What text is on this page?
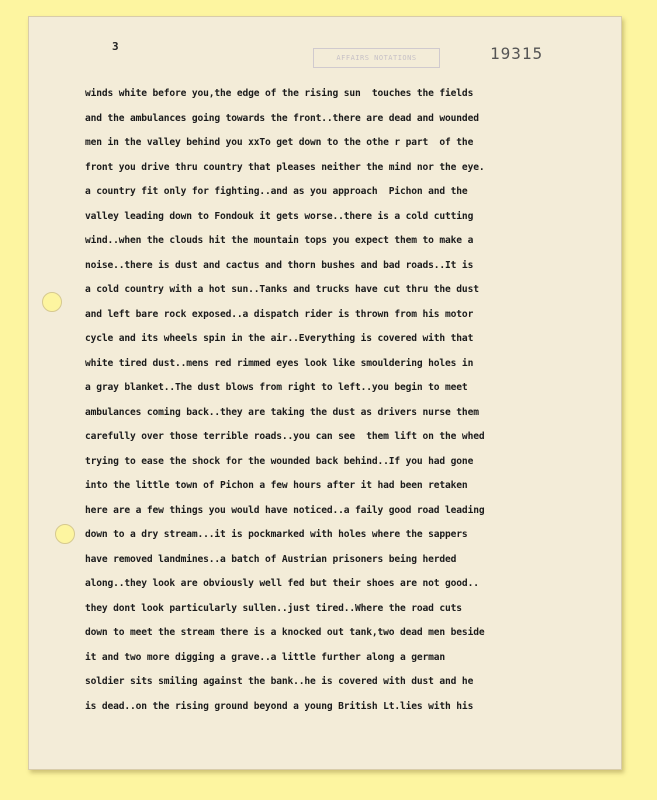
3
AFFAIRS NOTATIONS	19315
winds white before you,the edge of the rising sun  touches the fields
and the ambulances going towards the front..there are dead and wounded
men in the valley behind you xxTo get down to the othe r part  of the
front you drive thru country that pleases neither the mind nor the eye.
a country fit only for fighting..and as you approach  Pichon and the
valley leading down to Fondouk it gets worse..there is a cold cutting
wind..when the clouds hit the mountain tops you expect them to make a
noise..there is dust and cactus and thorn bushes and bad roads..It is
a cold country with a hot sun..Tanks and trucks have cut thru the dust
and left bare rock exposed..a dispatch rider is thrown from his motor
cycle and its wheels spin in the air..Everything is covered with that
white tired dust..mens red rimmed eyes look like smouldering holes in
a gray blanket..The dust blows from right to left..you begin to meet
ambulances coming back..they are taking the dust as drivers nurse them
carefully over those terrible roads..you can see  them lift on the whed
trying to ease the shock for the wounded back behind..If you had gone
into the little town of Pichon a few hours after it had been retaken
here are a few things you would have noticed..a faily good road leading
down to a dry stream...it is pockmarked with holes where the sappers
have removed landmines..a batch of Austrian prisoners being herded
along..they look are obviously well fed but their shoes are not good..
they dont look particularly sullen..just tired..Where the road cuts
down to meet the stream there is a knocked out tank,two dead men beside
it and two more digging a grave..a little further along a german
soldier sits smiling against the bank..he is covered with dust and he
is dead..on the rising ground beyond a young British Lt.lies with his
